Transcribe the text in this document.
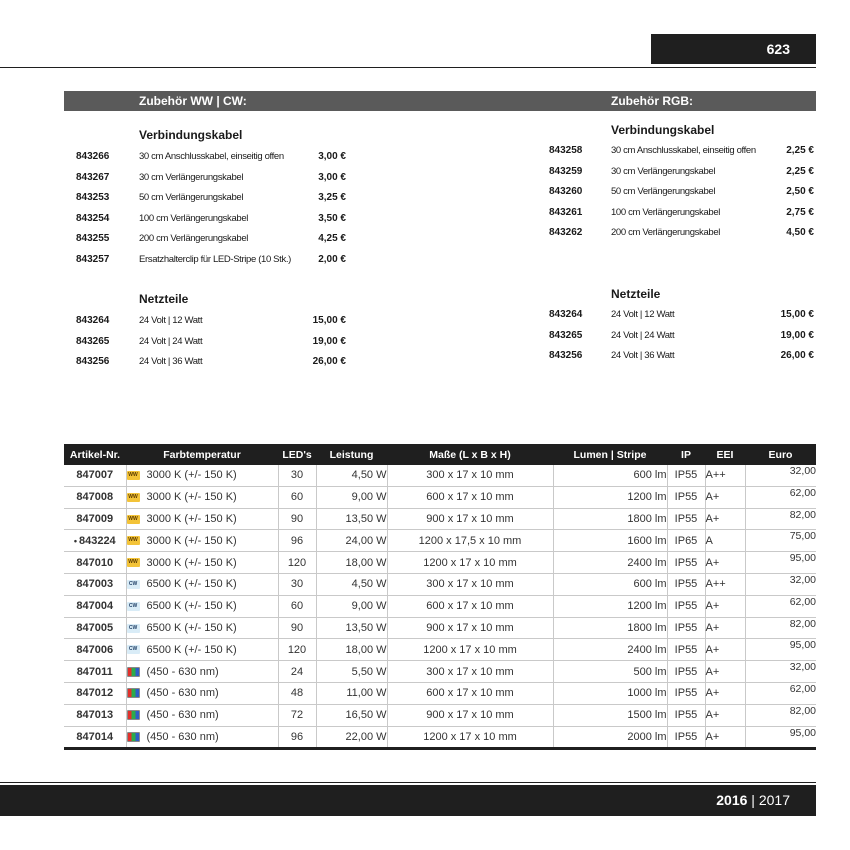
623
Zubehör WW | CW:	Zubehör RGB:
Verbindungskabel
843266	30 cm Anschlusskabel, einseitig offen	3,00 €
843267	30 cm Verlängerungskabel	3,00 €
843253	50 cm Verlängerungskabel	3,25 €
843254	100 cm Verlängerungskabel	3,50 €
843255	200 cm Verlängerungskabel	4,25 €
843257	Ersatzhalterclip für LED-Stripe (10 Stk.)	2,00 €
Netzteile
843264	24 Volt | 12 Watt	15,00 €
843265	24 Volt | 24 Watt	19,00 €
843256	24 Volt | 36 Watt	26,00 €
Verbindungskabel
843258	30 cm Anschlusskabel, einseitig offen	2,25 €
843259	30 cm Verlängerungskabel	2,25 €
843260	50 cm Verlängerungskabel	2,50 €
843261	100 cm Verlängerungskabel	2,75 €
843262	200 cm Verlängerungskabel	4,50 €
Netzteile
843264	24 Volt | 12 Watt	15,00 €
843265	24 Volt | 24 Watt	19,00 €
843256	24 Volt | 36 Watt	26,00 €
Artikel-Nr.	Farbtemperatur	LED's	Leistung	Maße (L x B x H)	Lumen | Stripe	IP	EEI	Euro
847007	WW 3000 K (+/- 150 K)	30	4,50 W	300 x 17 x 10 mm	600 lm	IP55	A++	32,00
847008	WW 3000 K (+/- 150 K)	60	9,00 W	600 x 17 x 10 mm	1200 lm	IP55	A+	62,00
847009	WW 3000 K (+/- 150 K)	90	13,50 W	900 x 17 x 10 mm	1800 lm	IP55	A+	82,00
• 843224	WW 3000 K (+/- 150 K)	96	24,00 W	1200 x 17,5 x 10 mm	1600 lm	IP65	A	75,00
847010	WW 3000 K (+/- 150 K)	120	18,00 W	1200 x 17 x 10 mm	2400 lm	IP55	A+	95,00
847003	CW 6500 K (+/- 150 K)	30	4,50 W	300 x 17 x 10 mm	600 lm	IP55	A++	32,00
847004	CW 6500 K (+/- 150 K)	60	9,00 W	600 x 17 x 10 mm	1200 lm	IP55	A+	62,00
847005	CW 6500 K (+/- 150 K)	90	13,50 W	900 x 17 x 10 mm	1800 lm	IP55	A+	82,00
847006	CW 6500 K (+/- 150 K)	120	18,00 W	1200 x 17 x 10 mm	2400 lm	IP55	A+	95,00
847011	(450 - 630 nm)	24	5,50 W	300 x 17 x 10 mm	500 lm	IP55	A+	32,00
847012	(450 - 630 nm)	48	11,00 W	600 x 17 x 10 mm	1000 lm	IP55	A+	62,00
847013	(450 - 630 nm)	72	16,50 W	900 x 17 x 10 mm	1500 lm	IP55	A+	82,00
847014	(450 - 630 nm)	96	22,00 W	1200 x 17 x 10 mm	2000 lm	IP55	A+	95,00
2016 | 2017
